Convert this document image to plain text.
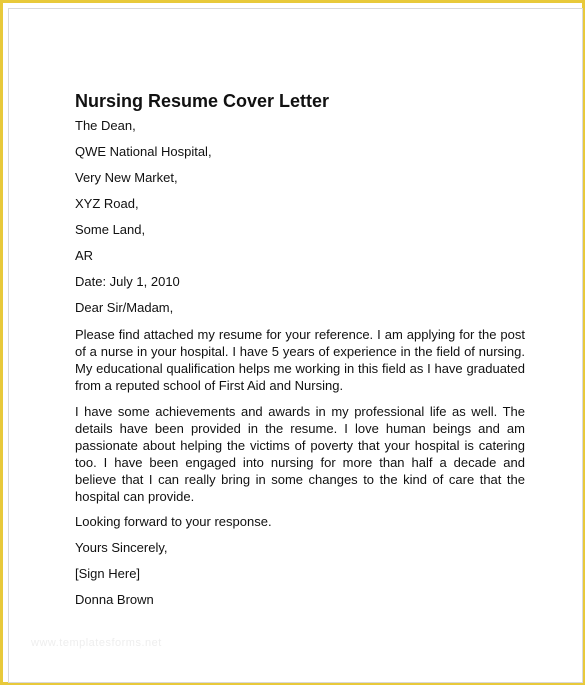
Nursing Resume Cover Letter
The Dean,
QWE National Hospital,
Very New Market,
XYZ Road,
Some Land,
AR
Date: July 1, 2010
Dear Sir/Madam,
Please find attached my resume for your reference. I am applying for the post of a nurse in your hospital. I have 5 years of experience in the field of nursing. My educational qualification helps me working in this field as I have graduated from a reputed school of First Aid and Nursing.
I have some achievements and awards in my professional life as well. The details have been provided in the resume. I love human beings and am passionate about helping the victims of poverty that your hospital is catering too. I have been engaged into nursing for more than half a decade and believe that I can really bring in some changes to the kind of care that the hospital can provide.
Looking forward to your response.
Yours Sincerely,
[Sign Here]
Donna Brown
www.templatesforms.net
